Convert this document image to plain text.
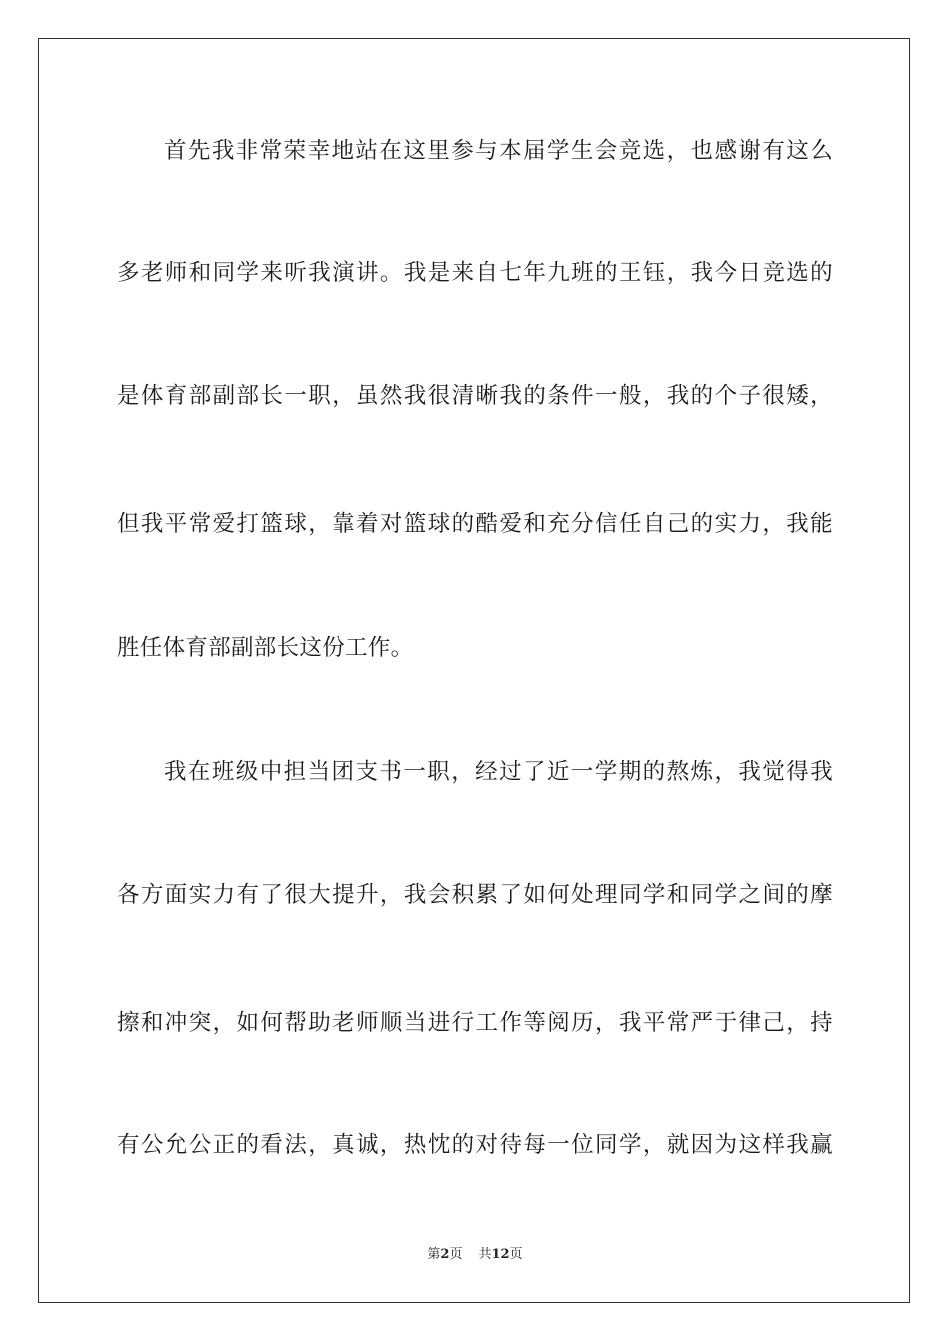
首先我非常荣幸地站在这里参与本届学生会竞选，也感谢有这么
多老师和同学来听我演讲。我是来自七年九班的王钰，我今日竞选的
是体育部副部长一职，虽然我很清晰我的条件一般，我的个子很矮，
但我平常爱打篮球，靠着对篮球的酷爱和充分信任自己的实力，我能
胜任体育部副部长这份工作。
我在班级中担当团支书一职，经过了近一学期的熬炼，我觉得我
各方面实力有了很大提升，我会积累了如何处理同学和同学之间的摩
擦和冲突，如何帮助老师顺当进行工作等阅历，我平常严于律己，持
有公允公正的看法，真诚，热忱的对待每一位同学，就因为这样我赢
第2页 共12页
